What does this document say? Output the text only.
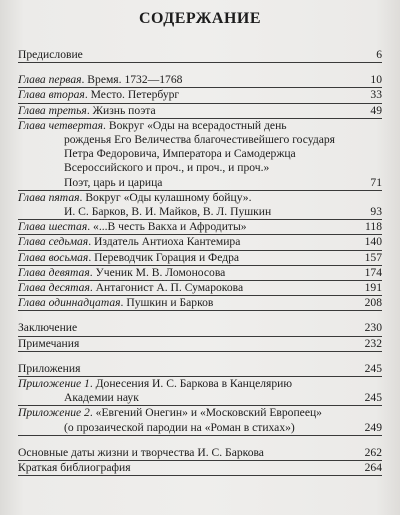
СОДЕРЖАНИЕ
Предисловие	6
Глава первая. Время. 1732—1768	10
Глава вторая. Место. Петербург	33
Глава третья. Жизнь поэта	49
Глава четвертая. Вокруг «Оды на всерадостный день
рожденья Его Величества благочестивейшего государя
Петра Федоровича, Императора и Самодержца
Всероссийского и проч., и проч., и проч.»
Поэт, царь и царица	71
Глава пятая. Вокруг «Оды кулашному бойцу».
И. С. Барков, В. И. Майков, В. Л. Пушкин	93
Глава шестая. «...В честь Вакха и Афродиты»	118
Глава седьмая. Издатель Антиоха Кантемира	140
Глава восьмая. Переводчик Горация и Федра	157
Глава девятая. Ученик М. В. Ломоносова	174
Глава десятая. Антагонист А. П. Сумарокова	191
Глава одиннадцатая. Пушкин и Барков	208
Заключение	230
Примечания	232
Приложения	245
Приложение 1. Донесения И. С. Баркова в Канцелярию
Академии наук	245
Приложение 2. «Евгений Онегин» и «Московский Европеец»
(о прозаической пародии на «Роман в стихах»)	249
Основные даты жизни и творчества И. С. Баркова	262
Краткая библиография	264
